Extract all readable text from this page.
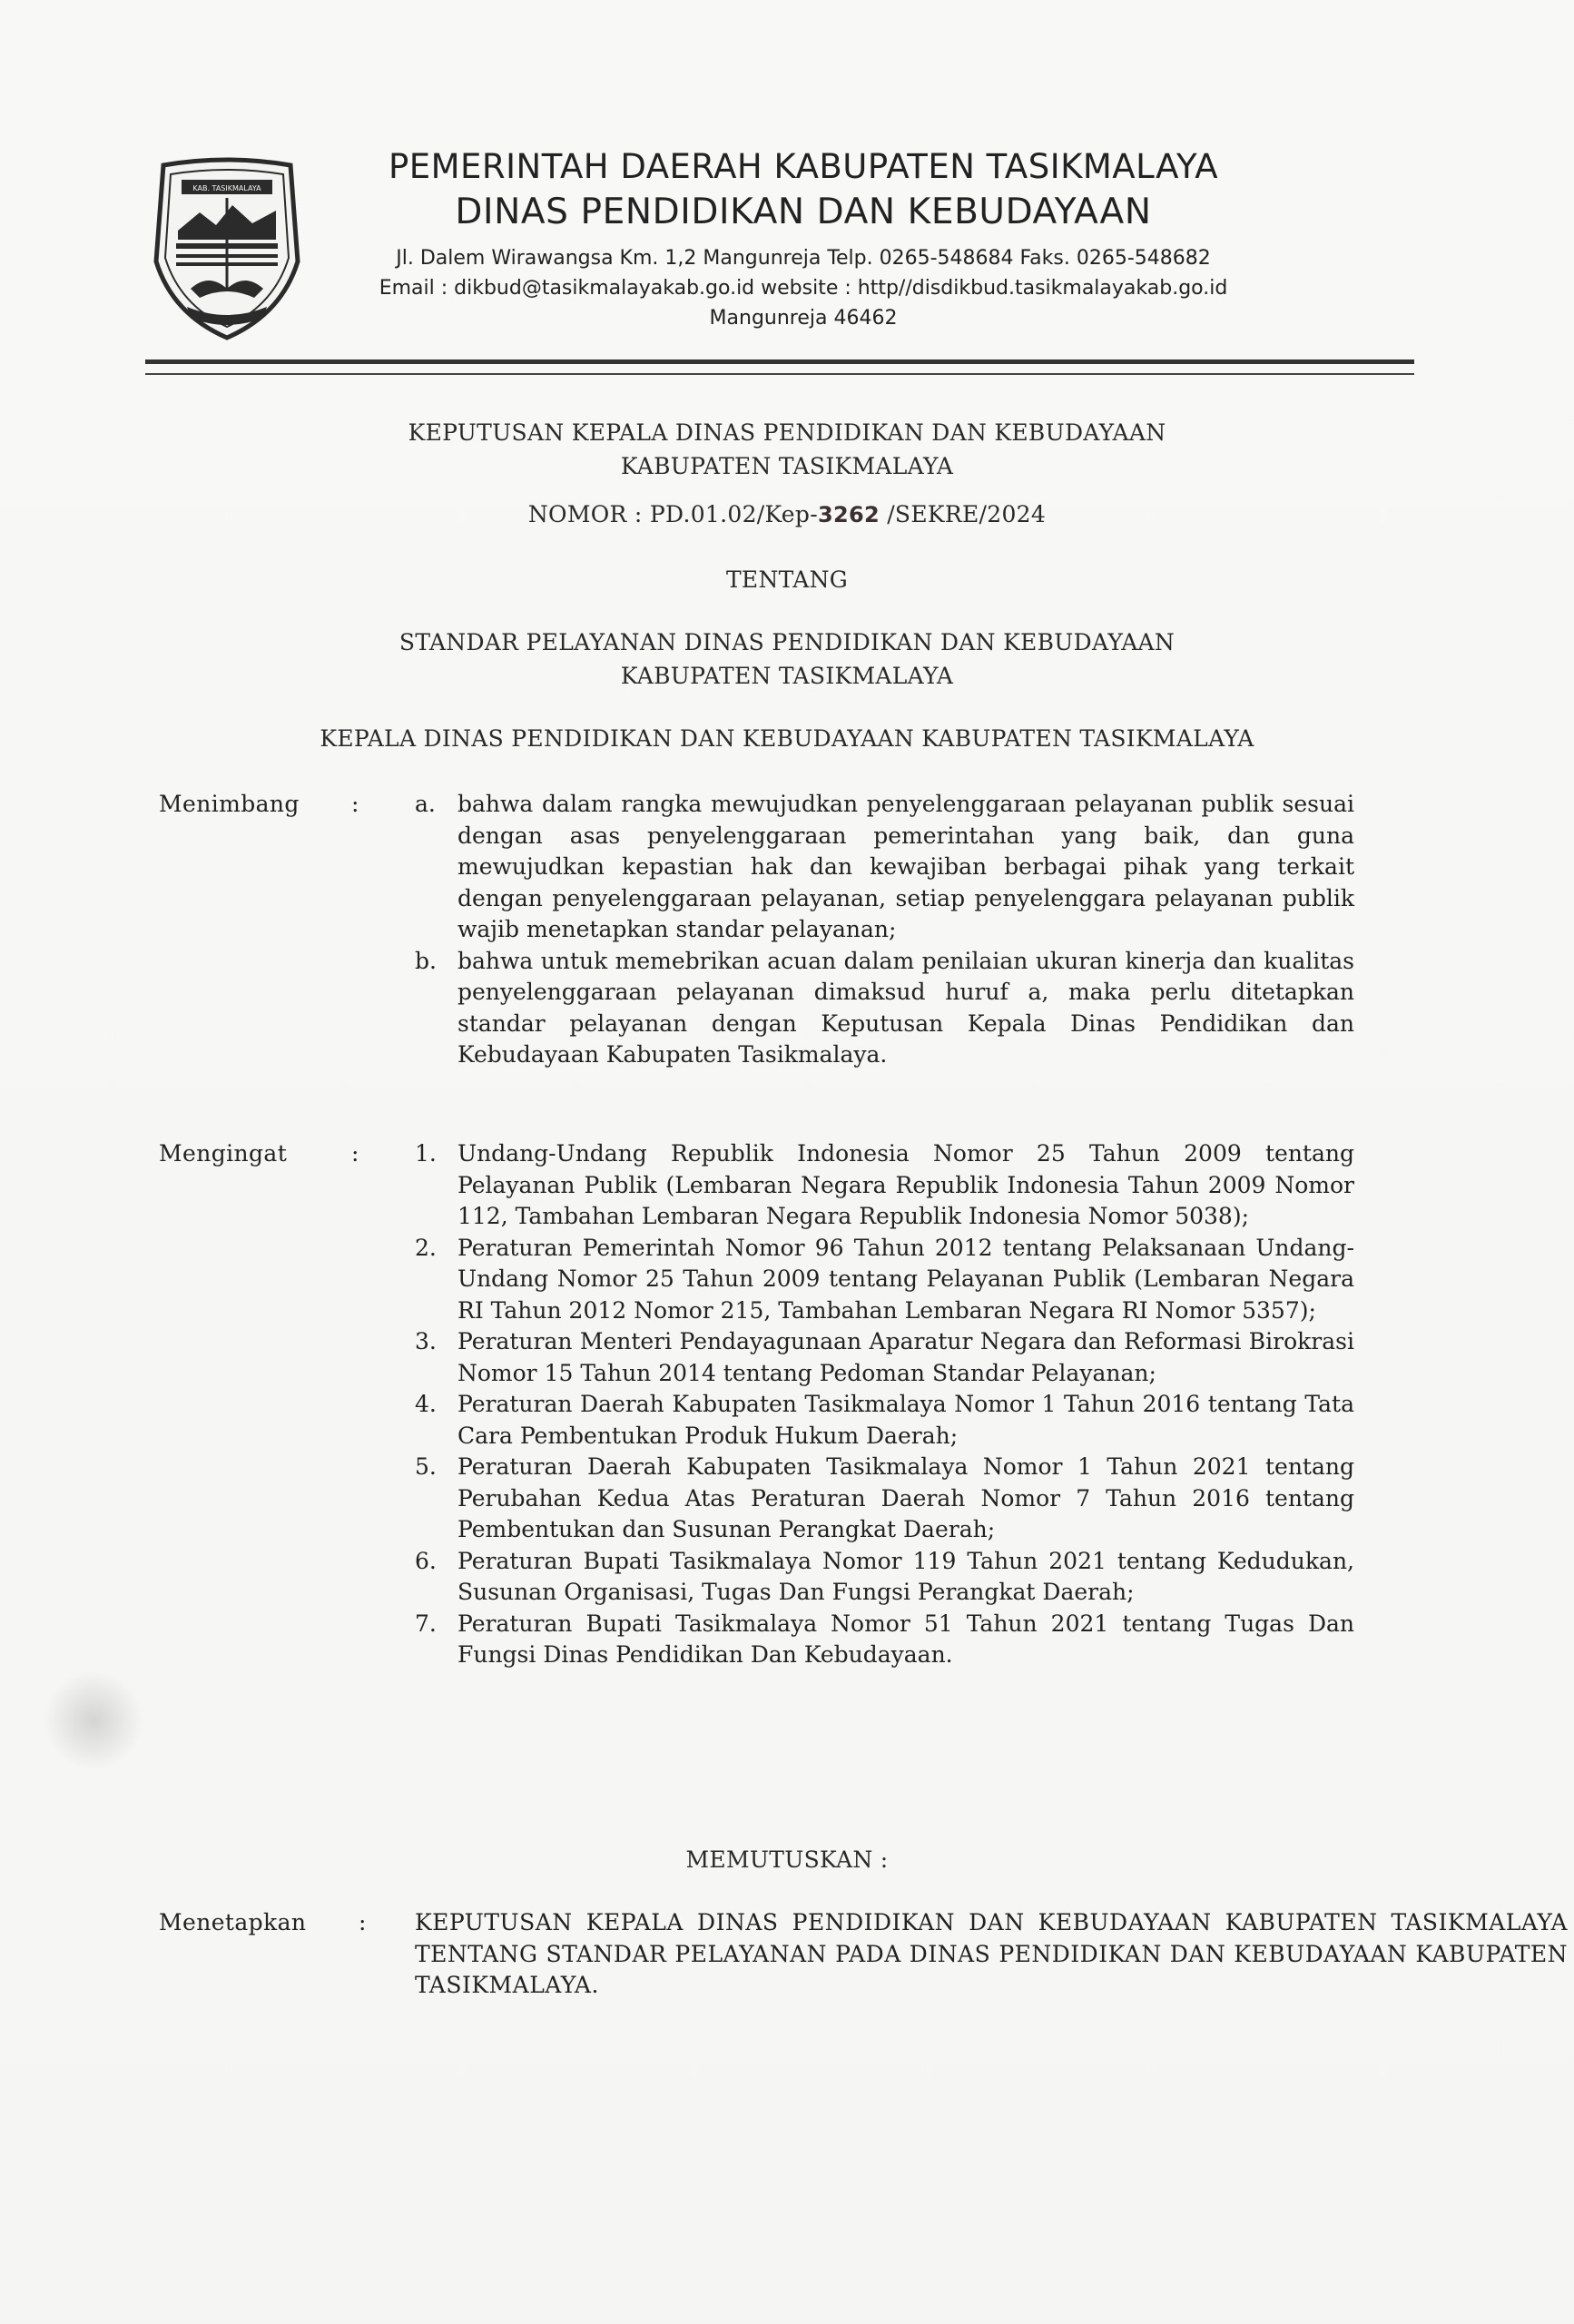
KAB. TASIKMALAYA
PEMERINTAH DAERAH KABUPATEN TASIKMALAYA
DINAS PENDIDIKAN DAN KEBUDAYAAN
Jl. Dalem Wirawangsa Km. 1,2 Mangunreja Telp. 0265-548684 Faks. 0265-548682
Email : dikbud@tasikmalayakab.go.id website : http//disdikbud.tasikmalayakab.go.id
Mangunreja 46462
KEPUTUSAN KEPALA DINAS PENDIDIKAN DAN KEBUDAYAAN
KABUPATEN TASIKMALAYA
NOMOR : PD.01.02/Kep-3262 /SEKRE/2024
TENTANG
STANDAR PELAYANAN DINAS PENDIDIKAN DAN KEBUDAYAAN
KABUPATEN TASIKMALAYA
KEPALA DINAS PENDIDIKAN DAN KEBUDAYAAN KABUPATEN TASIKMALAYA
Menimbang	: a. bahwa dalam rangka mewujudkan penyelenggaraan pelayanan publik sesuai dengan asas penyelenggaraan pemerintahan yang baik, dan guna mewujudkan kepastian hak dan kewajiban berbagai pihak yang terkait dengan penyelenggaraan pelayanan, setiap penyelenggara pelayanan publik wajib menetapkan standar pelayanan;
b. bahwa untuk memebrikan acuan dalam penilaian ukuran kinerja dan kualitas penyelenggaraan pelayanan dimaksud huruf a, maka perlu ditetapkan standar pelayanan dengan Keputusan Kepala Dinas Pendidikan dan Kebudayaan Kabupaten Tasikmalaya.
Mengingat	: 1. Undang-Undang Republik Indonesia Nomor 25 Tahun 2009 tentang Pelayanan Publik (Lembaran Negara Republik Indonesia Tahun 2009 Nomor 112, Tambahan Lembaran Negara Republik Indonesia Nomor 5038);
2. Peraturan Pemerintah Nomor 96 Tahun 2012 tentang Pelaksanaan Undang-Undang Nomor 25 Tahun 2009 tentang Pelayanan Publik (Lembaran Negara RI Tahun 2012 Nomor 215, Tambahan Lembaran Negara RI Nomor 5357);
3. Peraturan Menteri Pendayagunaan Aparatur Negara dan Reformasi Birokrasi Nomor 15 Tahun 2014 tentang Pedoman Standar Pelayanan;
4. Peraturan Daerah Kabupaten Tasikmalaya Nomor 1 Tahun 2016 tentang Tata Cara Pembentukan Produk Hukum Daerah;
5. Peraturan Daerah Kabupaten Tasikmalaya Nomor 1 Tahun 2021 tentang Perubahan Kedua Atas Peraturan Daerah Nomor 7 Tahun 2016 tentang Pembentukan dan Susunan Perangkat Daerah;
6. Peraturan Bupati Tasikmalaya Nomor 119 Tahun 2021 tentang Kedudukan, Susunan Organisasi, Tugas Dan Fungsi Perangkat Daerah;
7. Peraturan Bupati Tasikmalaya Nomor 51 Tahun 2021 tentang Tugas Dan Fungsi Dinas Pendidikan Dan Kebudayaan.
MEMUTUSKAN :
Menetapkan	: KEPUTUSAN KEPALA DINAS PENDIDIKAN DAN KEBUDAYAAN KABUPATEN TASIKMALAYA TENTANG STANDAR PELAYANAN PADA DINAS PENDIDIKAN DAN KEBUDAYAAN KABUPATEN TASIKMALAYA.
